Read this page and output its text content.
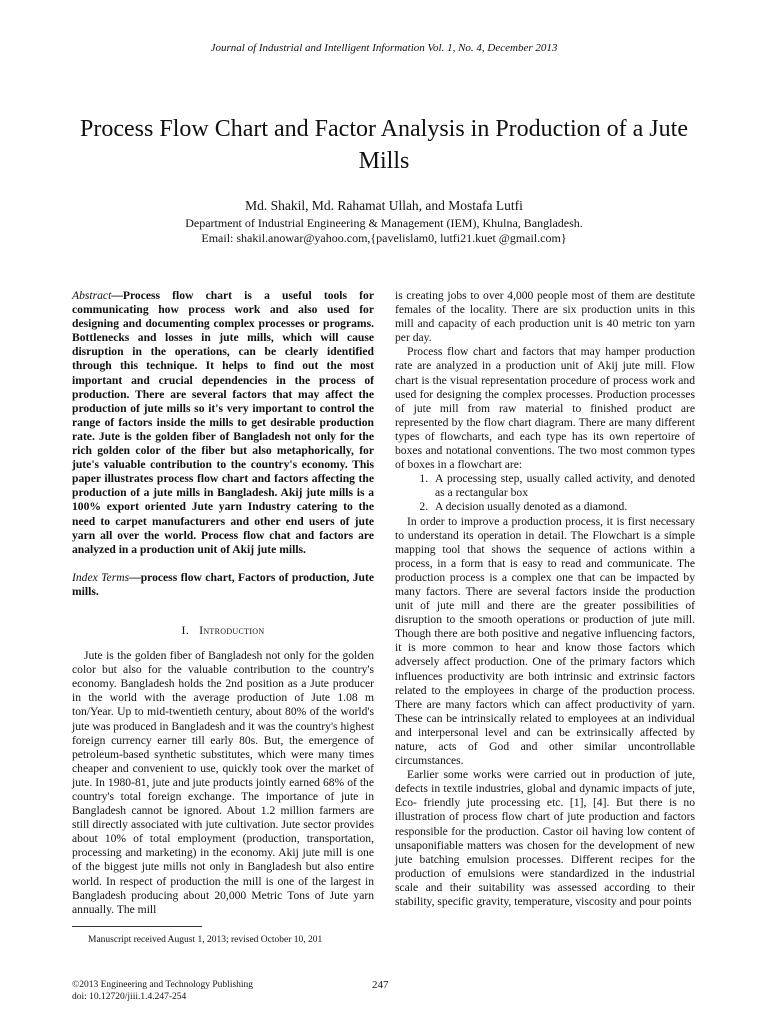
Journal of Industrial and Intelligent Information Vol. 1, No. 4, December 2013
Process Flow Chart and Factor Analysis in Production of a Jute Mills
Md. Shakil, Md. Rahamat Ullah, and Mostafa Lutfi
Department of Industrial Engineering & Management (IEM), Khulna, Bangladesh.
Email: shakil.anowar@yahoo.com,{pavelislam0, lutfi21.kuet @gmail.com}

Abstract—Process flow chart is a useful tools for communicating how process work and also used for designing and documenting complex processes or programs. Bottlenecks and losses in jute mills, which will cause disruption in the operations, can be clearly identified through this technique. It helps to find out the most important and crucial dependencies in the process of production. There are several factors that may affect the production of jute mills so it's very important to control the range of factors inside the mills to get desirable production rate. Jute is the golden fiber of Bangladesh not only for the rich golden color of the fiber but also metaphorically, for jute's valuable contribution to the country's economy. This paper illustrates process flow chart and factors affecting the production of a jute mills in Bangladesh. Akij jute mills is a 100% export oriented Jute yarn Industry catering to the need to carpet manufacturers and other end users of jute yarn all over the world. Process flow chat and factors are analyzed in a production unit of Akij jute mills.

Index Terms—process flow chart, Factors of production, Jute mills.

I. Introduction

Jute is the golden fiber of Bangladesh not only for the golden color but also for the valuable contribution to the country's economy. Bangladesh holds the 2nd position as a Jute producer in the world with the average production of Jute 1.08 m ton/Year. Up to mid-twentieth century, about 80% of the world's jute was produced in Bangladesh and it was the country's highest foreign currency earner till early 80s. But, the emergence of petroleum-based synthetic substitutes, which were many times cheaper and convenient to use, quickly took over the market of jute. In 1980-81, jute and jute products jointly earned 68% of the country's total foreign exchange. The importance of jute in Bangladesh cannot be ignored. About 1.2 million farmers are still directly associated with jute cultivation. Jute sector provides about 10% of total employment (production, transportation, processing and marketing) in the economy. Akij jute mill is one of the biggest jute mills not only in Bangladesh but also entire world. In respect of production the mill is one of the largest in Bangladesh producing about 20,000 Metric Tons of Jute yarn annually. The mill

is creating jobs to over 4,000 people most of them are destitute females of the locality. There are six production units in this mill and capacity of each production unit is 40 metric ton yarn per day.

Process flow chart and factors that may hamper production rate are analyzed in a production unit of Akij jute mill. Flow chart is the visual representation procedure of process work and used for designing the complex processes. Production processes of jute mill from raw material to finished product are represented by the flow chart diagram. There are many different types of flowcharts, and each type has its own repertoire of boxes and notational conventions. The two most common types of boxes in a flowchart are:

1. A processing step, usually called activity, and denoted as a rectangular box
2. A decision usually denoted as a diamond.

In order to improve a production process, it is first necessary to understand its operation in detail. The Flowchart is a simple mapping tool that shows the sequence of actions within a process, in a form that is easy to read and communicate. The production process is a complex one that can be impacted by many factors. There are several factors inside the production unit of jute mill and there are the greater possibilities of disruption to the smooth operations or production of jute mill. Though there are both positive and negative influencing factors, it is more common to hear and know those factors which adversely affect production. One of the primary factors which influences productivity are both intrinsic and extrinsic factors related to the employees in charge of the production process. There are many factors which can affect productivity of yarn. These can be intrinsically related to employees at an individual and interpersonal level and can be extrinsically affected by nature, acts of God and other similar uncontrollable circumstances.

Earlier some works were carried out in production of jute, defects in textile industries, global and dynamic impacts of jute, Eco- friendly jute processing etc. [1], [4]. But there is no illustration of process flow chart of jute production and factors responsible for the production. Castor oil having low content of unsaponifiable matters was chosen for the development of new jute batching emulsion processes. Different recipes for the production of emulsions were standardized in the industrial scale and their suitability was assessed according to their stability, specific gravity, temperature, viscosity and pour points

Manuscript received August 1, 2013; revised October 10, 201
©2013 Engineering and Technology Publishing
doi: 10.12720/jiii.1.4.247-254
247
